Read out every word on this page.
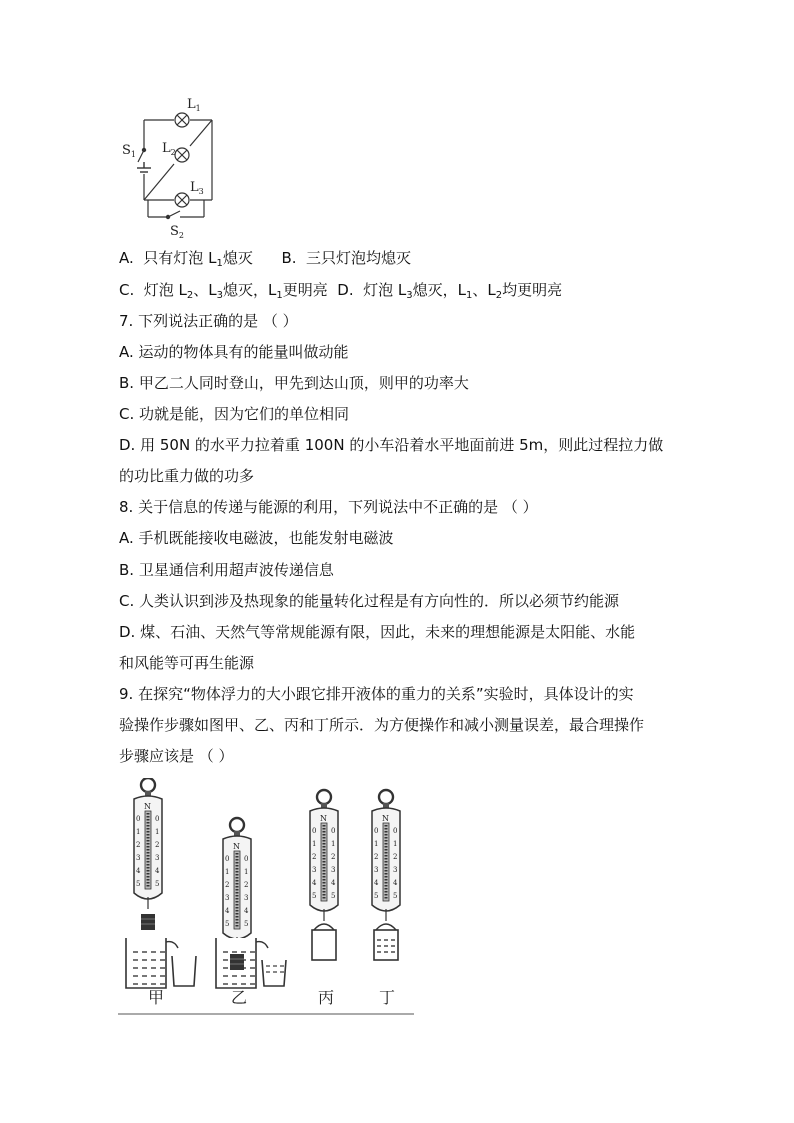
$L_1$
$L_2$
$L_3$
$S_1$
$S_2$
A.  只有灯泡 $L_1$熄灭 B.  三只灯泡均熄灭
C.  灯泡 $L_2$、$L_3$熄灭，$L_1$更明亮  D.  灯泡 $L_3$熄灭，$L_1$、$L_2$均更明亮
7. 下列说法正确的是 （ ）
A. 运动的物体具有的能量叫做动能
B. 甲乙二人同时登山，甲先到达山顶，则甲的功率大
C. 功就是能，因为它们的单位相同
D. 用 50N 的水平力拉着重 100N 的小车沿着水平地面前进 5m，则此过程拉力做
的功比重力做的功多
8. 关于信息的传递与能源的利用，下列说法中不正确的是 （ ）
A. 手机既能接收电磁波，也能发射电磁波
B. 卫星通信利用超声波传递信息
C. 人类认识到涉及热现象的能量转化过程是有方向性的．所以必须节约能源
D. 煤、石油、天然气等常规能源有限，因此，未来的理想能源是太阳能、水能
和风能等可再生能源
9. 在探究“物体浮力的大小跟它排开液体的重力的关系”实验时，具体设计的实
验操作步骤如图甲、乙、丙和丁所示．为方便操作和减小测量误差，最合理操作
步骤应该是 （ ）
N
0 0
1 1
2 2
3 3
4 4
5 5
N
0 0
1 1
2 2
3 3
4 4
5 5
N
0 0
1 1
2 2
3 3
4 4
5 5
N
0 0
1 1
2 2
3 3
4 4
5 5
甲	乙	丙	丁
